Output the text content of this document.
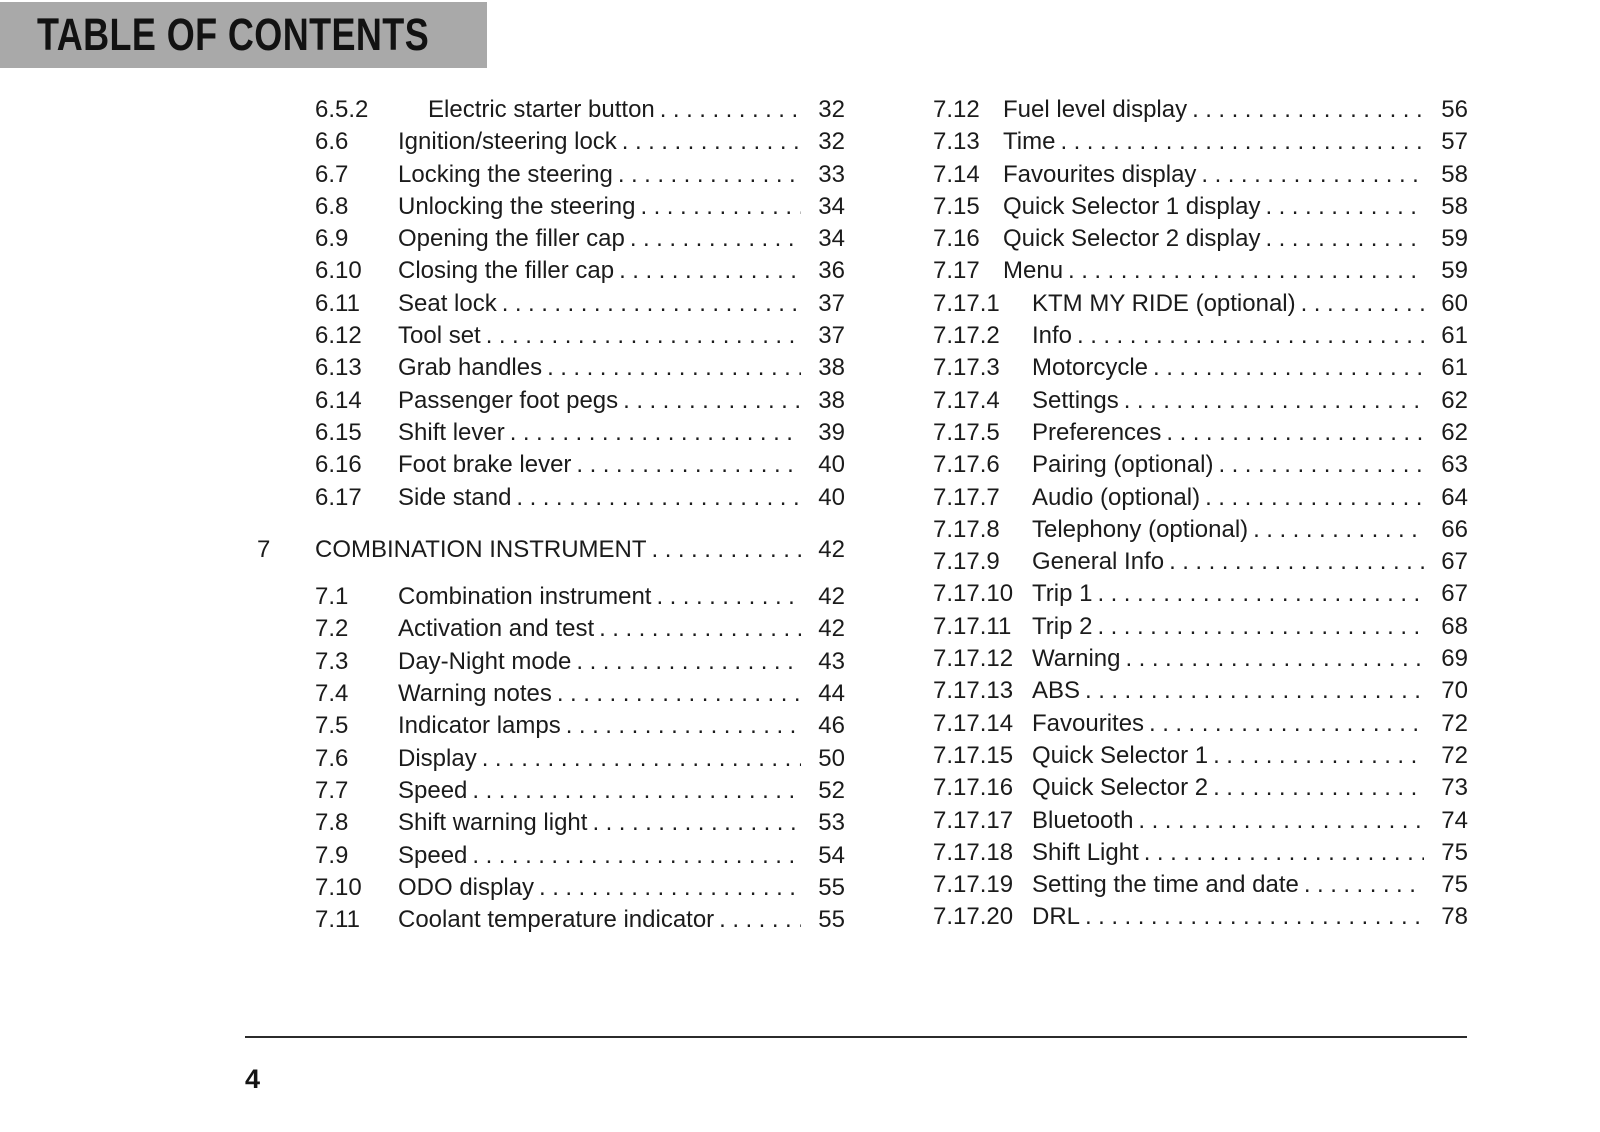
TABLE OF CONTENTS
6.5.2	Electric starter button .....	32
6.6	Ignition/steering lock .....	32
6.7	Locking the steering .....	33
6.8	Unlocking the steering .....	34
6.9	Opening the filler cap .....	34
6.10	Closing the filler cap .....	36
6.11	Seat lock .....	37
6.12	Tool set .....	37
6.13	Grab handles .....	38
6.14	Passenger foot pegs .....	38
6.15	Shift lever .....	39
6.16	Foot brake lever .....	40
6.17	Side stand .....	40
7	COMBINATION INSTRUMENT .....	42
7.1	Combination instrument .....	42
7.2	Activation and test .....	42
7.3	Day-Night mode .....	43
7.4	Warning notes .....	44
7.5	Indicator lamps .....	46
7.6	Display .....	50
7.7	Speed .....	52
7.8	Shift warning light .....	53
7.9	Speed .....	54
7.10	ODO display .....	55
7.11	Coolant temperature indicator .....	55
7.12 Fuel level display .....	56
7.13 Time .....	57
7.14 Favourites display .....	58
7.15 Quick Selector 1 display .....	58
7.16 Quick Selector 2 display .....	59
7.17 Menu .....	59
7.17.1	KTM MY RIDE (optional) .....	60
7.17.2	Info .....	61
7.17.3	Motorcycle .....	61
7.17.4	Settings .....	62
7.17.5	Preferences .....	62
7.17.6	Pairing (optional) .....	63
7.17.7	Audio (optional) .....	64
7.17.8	Telephony (optional) .....	66
7.17.9	General Info .....	67
7.17.10 Trip 1 .....	67
7.17.11 Trip 2 .....	68
7.17.12 Warning .....	69
7.17.13 ABS .....	70
7.17.14 Favourites .....	72
7.17.15 Quick Selector 1 .....	72
7.17.16 Quick Selector 2 .....	73
7.17.17 Bluetooth .....	74
7.17.18 Shift Light .....	75
7.17.19 Setting the time and date .....	75
7.17.20 DRL .....	78
4
